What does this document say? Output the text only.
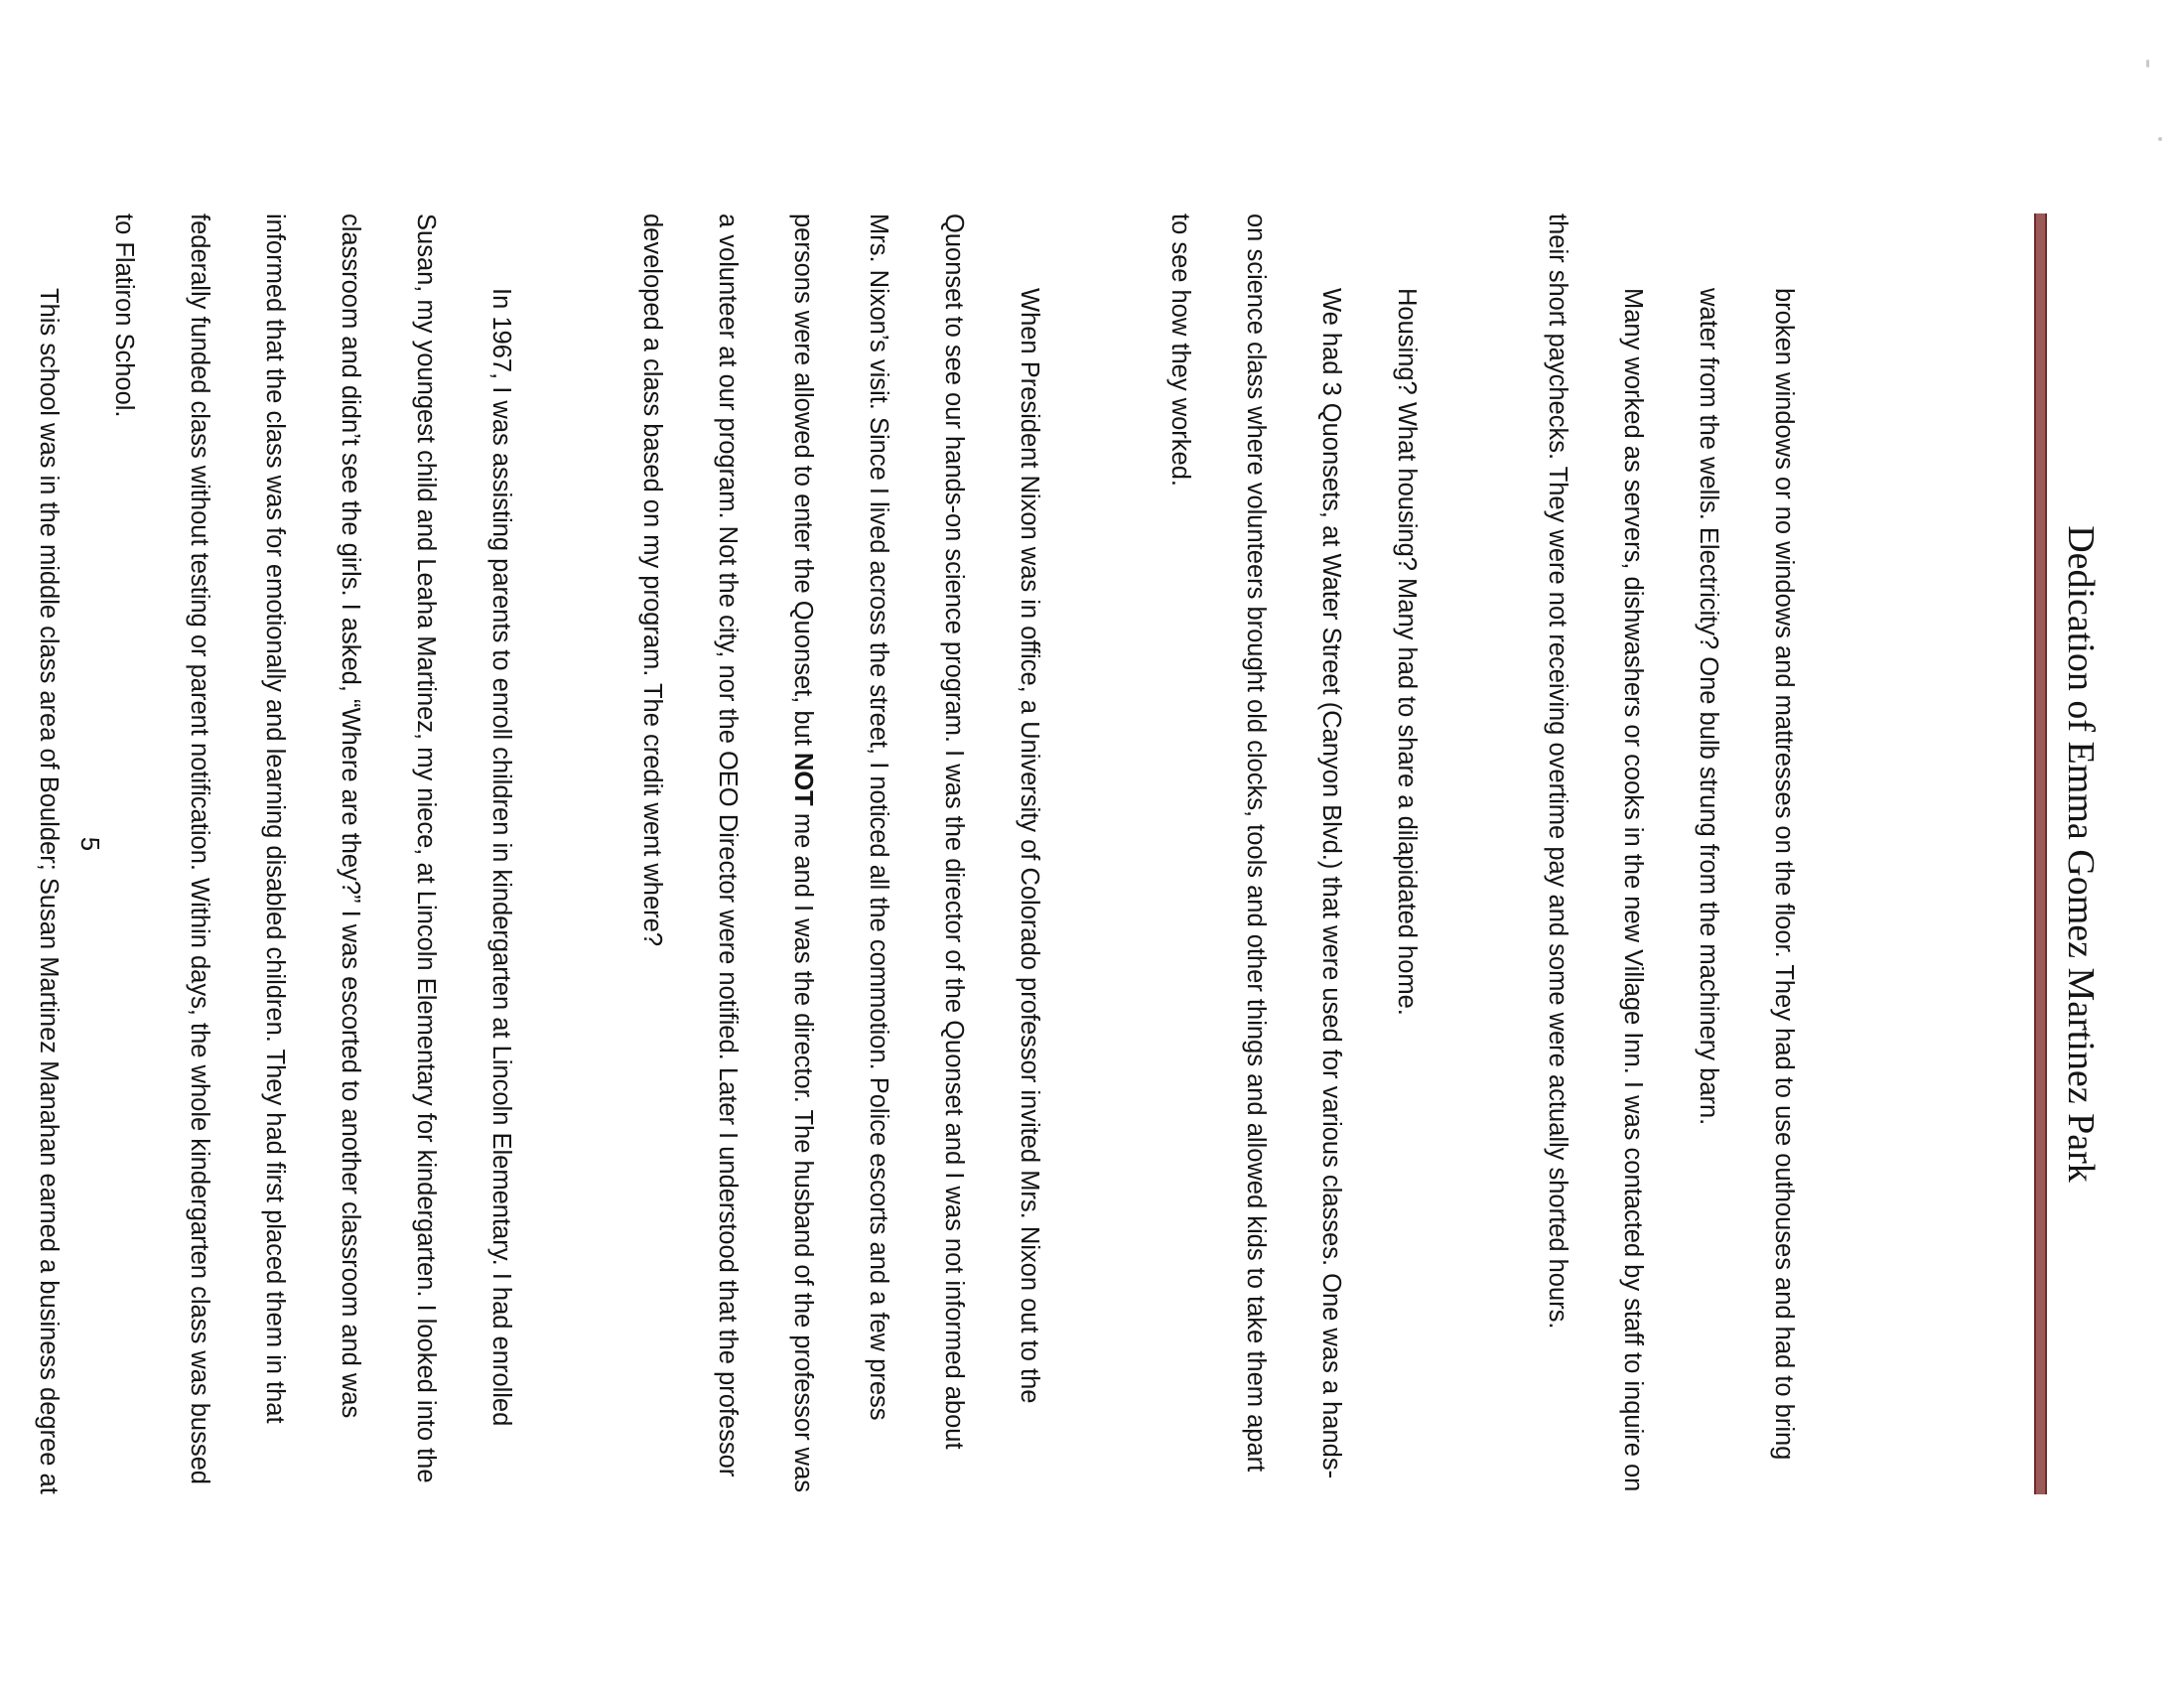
Dedication of Emma Gomez Martinez Park

broken windows or no windows and mattresses on the floor. They had to use outhouses and had to bring water from the wells. Electricity? One bulb strung from the machinery barn.

Many worked as servers, dishwashers or cooks in the new Village Inn. I was contacted by staff to inquire on their short paychecks. They were not receiving overtime pay and some were actually shorted hours.

Housing? What housing? Many had to share a dilapidated home.

We had 3 Quonsets, at Water Street (Canyon Blvd.) that were used for various classes. One was a hands-on science class where volunteers brought old clocks, tools and other things and allowed kids to take them apart to see how they worked.

When President Nixon was in office, a University of Colorado professor invited Mrs. Nixon out to the Quonset to see our hands-on science program. I was the director of the Quonset and I was not informed about Mrs. Nixon’s visit. Since I lived across the street, I noticed all the commotion. Police escorts and a few press persons were allowed to enter the Quonset, but NOT me and I was the director. The husband of the professor was a volunteer at our program. Not the city, nor the OEO Director were notified. Later I understood that the professor developed a class based on my program. The credit went where?

In 1967, I was assisting parents to enroll children in kindergarten at Lincoln Elementary. I had enrolled Susan, my youngest child and Leaha Martinez, my niece, at Lincoln Elementary for kindergarten. I looked into the classroom and didn’t see the girls. I asked, “Where are they?” I was escorted to another classroom and was informed that the class was for emotionally and learning disabled children. They had first placed them in that federally funded class without testing or parent notification. Within days, the whole kindergarten class was bussed to Flatiron School.

This school was in the middle class area of Boulder; Susan Martinez Manahan earned a business degree at

5
